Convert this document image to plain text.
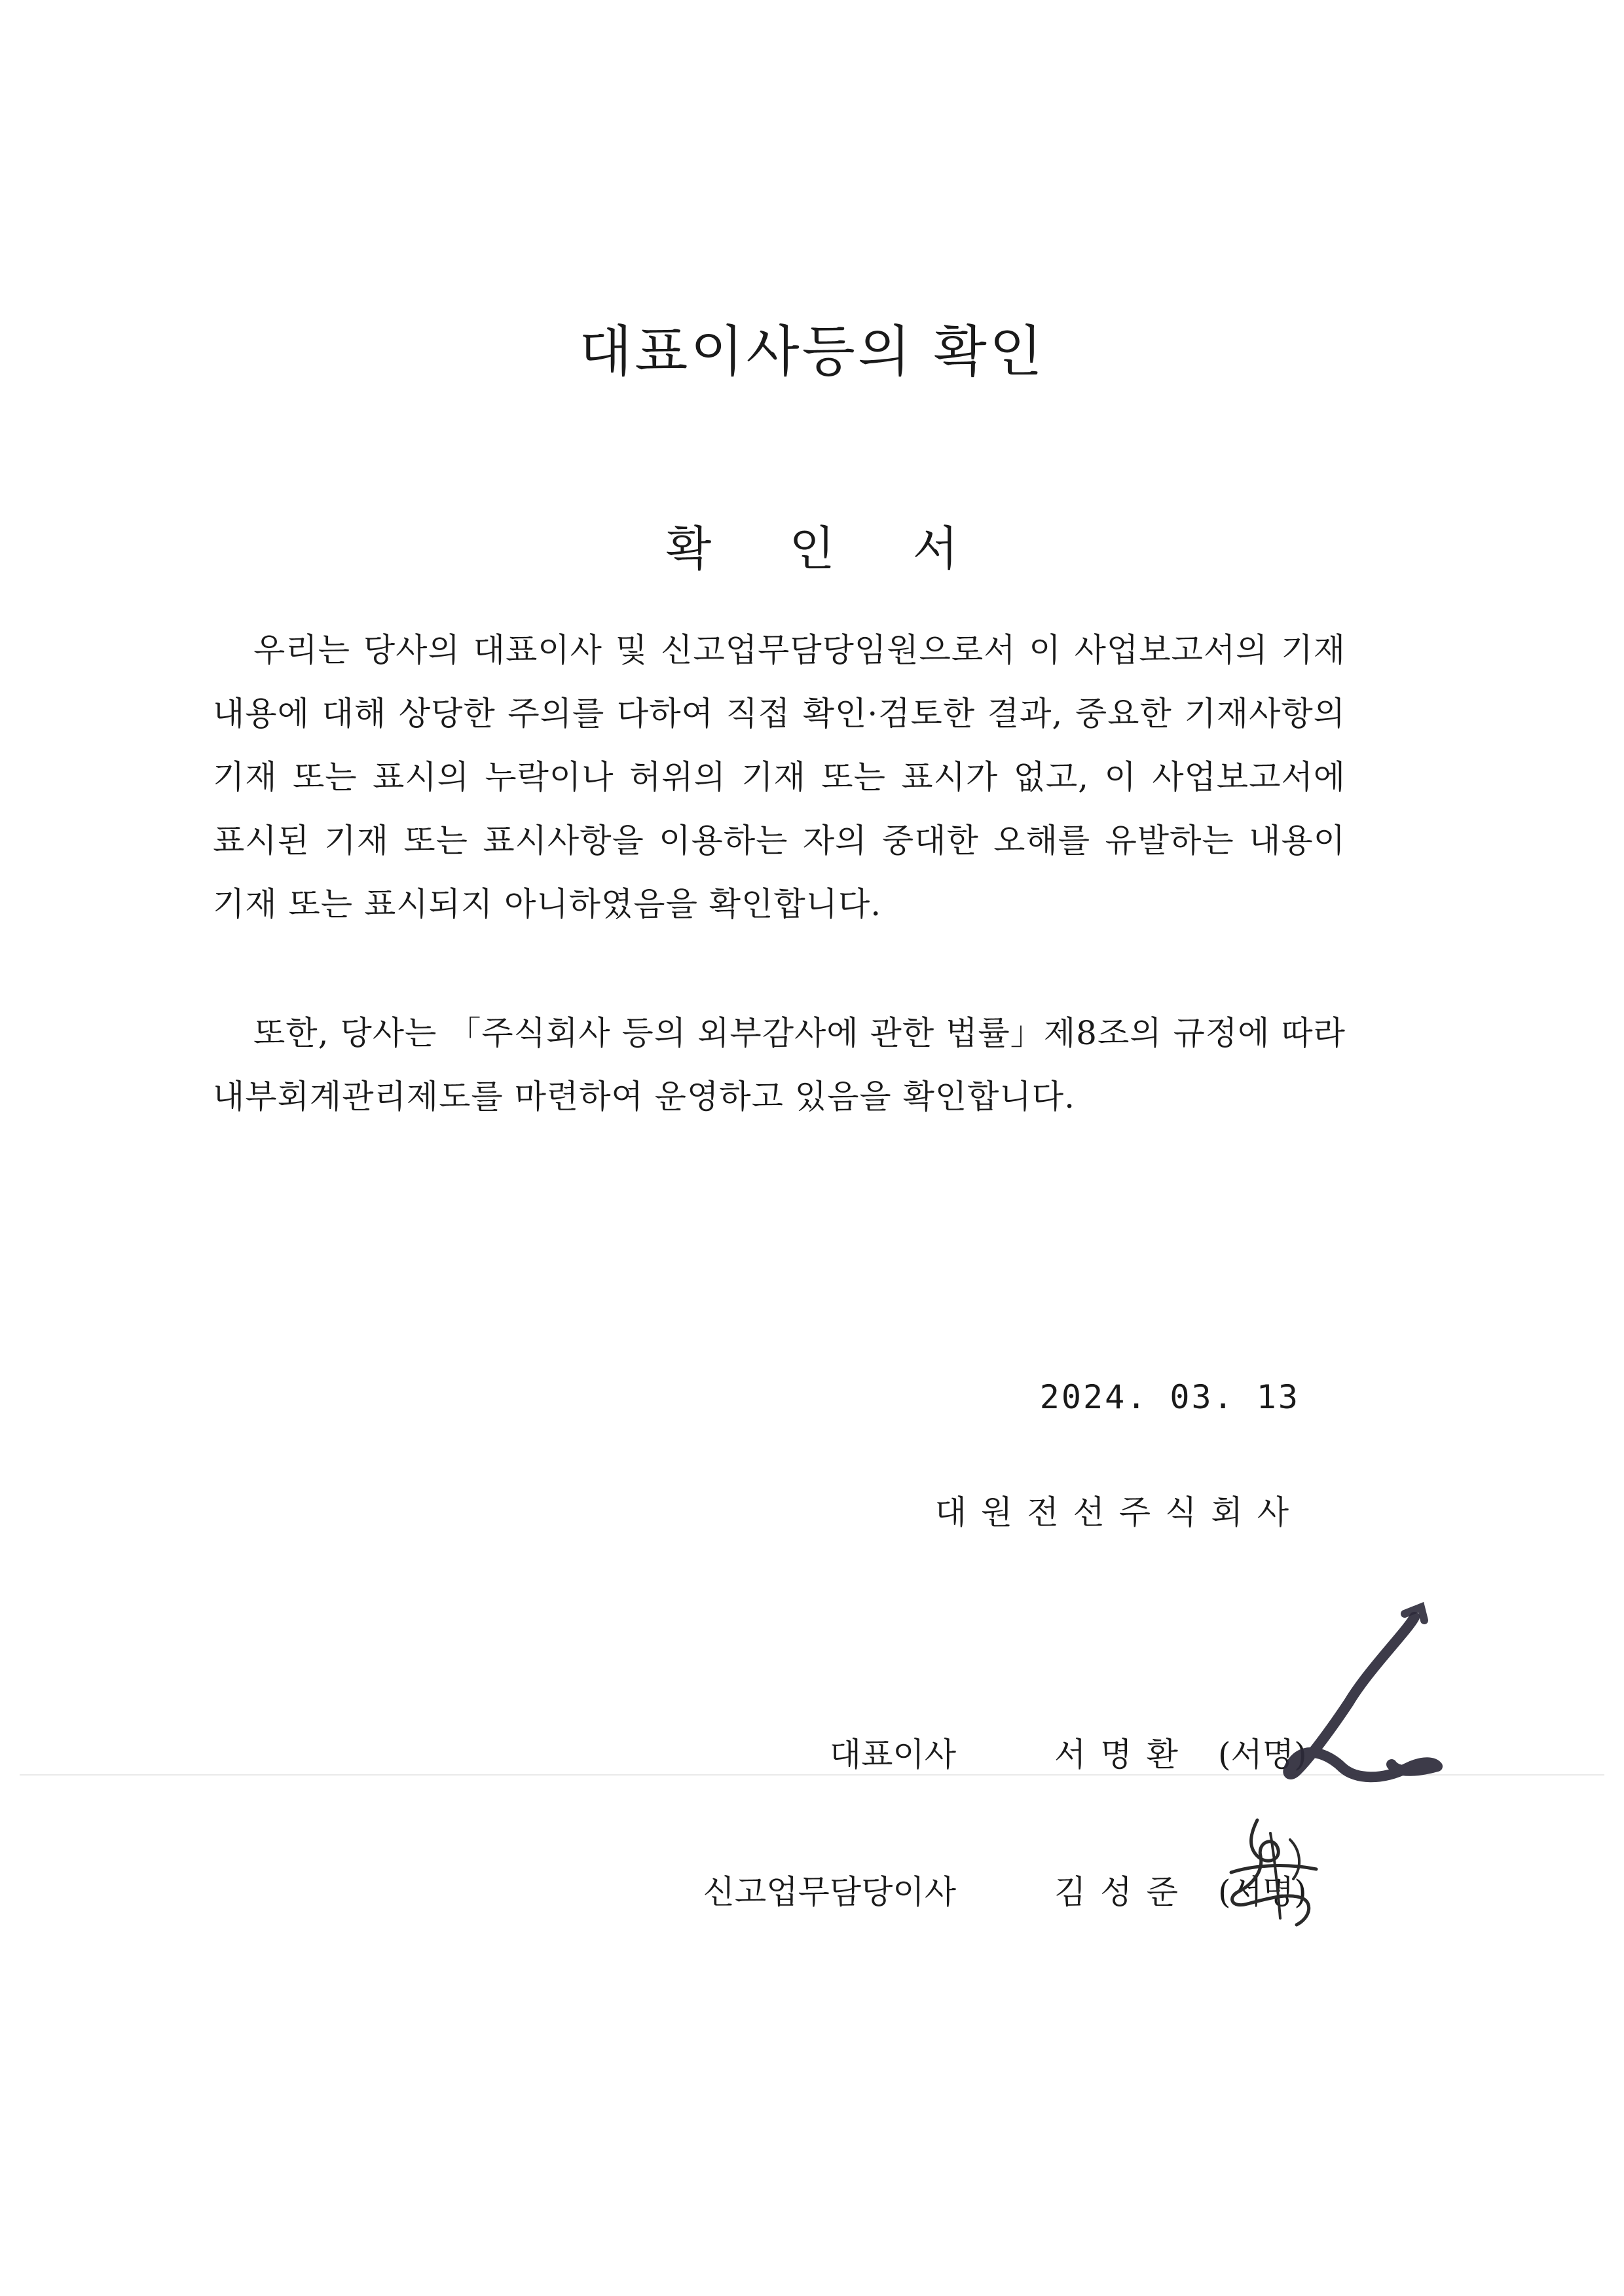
대표이사등의 확인
확 인 서

우리는 당사의 대표이사 및 신고업무담당임원으로서 이 사업보고서의 기재내용에 대해 상당한 주의를 다하여 직접 확인·검토한 결과, 중요한 기재사항의 기재 또는 표시의 누락이나 허위의 기재 또는 표시가 없고, 이 사업보고서에 표시된 기재 또는 표시사항을 이용하는 자의 중대한 오해를 유발하는 내용이 기재 또는 표시되지 아니하였음을 확인합니다.

또한, 당사는 「주식회사 등의 외부감사에 관한 법률」제8조의 규정에 따라 내부회계관리제도를 마련하여 운영하고 있음을 확인합니다.

2024. 03. 13

대원전선주식회사

대표이사	서명환 (서명)
신고업무담당이사	김성준 (서명)
